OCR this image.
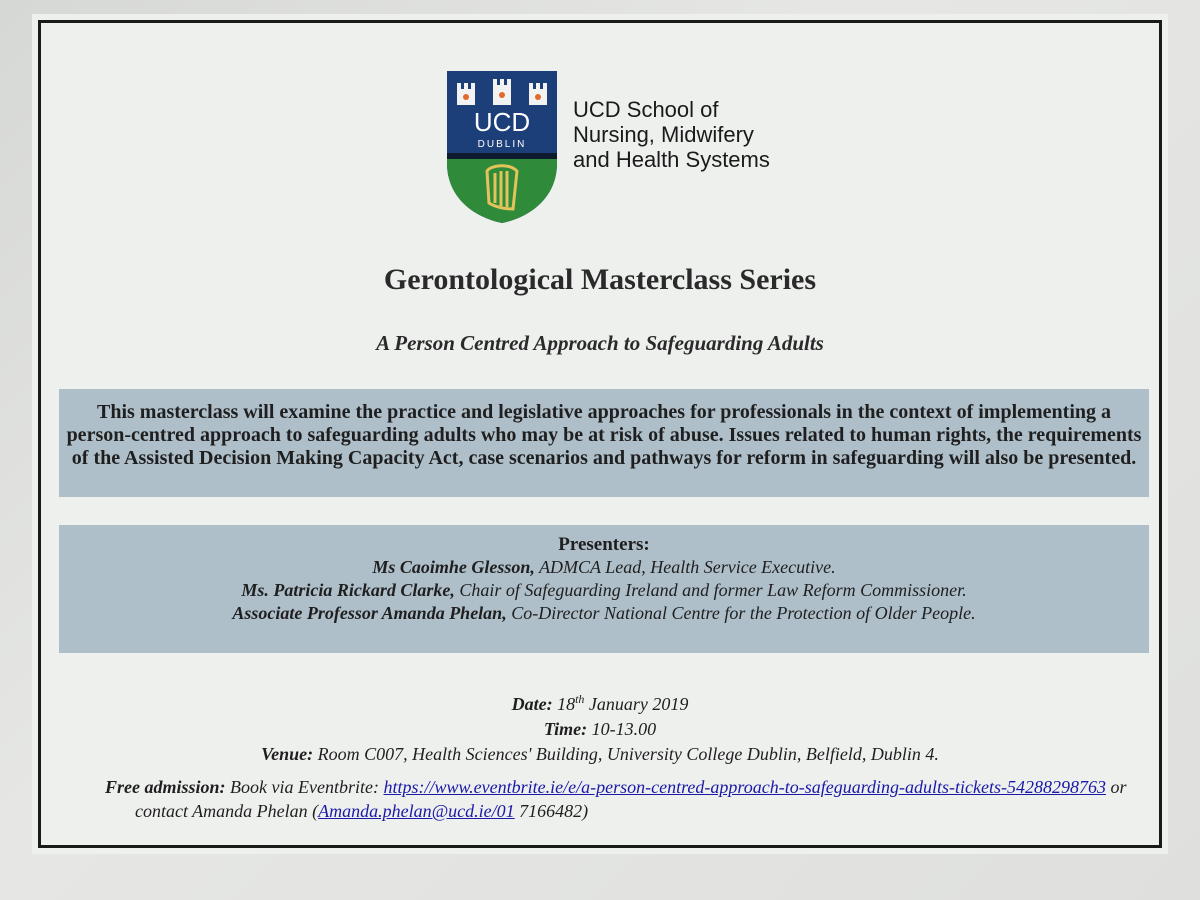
UCD
DUBLIN
UCD School of
Nursing, Midwifery
and Health Systems
Gerontological Masterclass Series
A Person Centred Approach to Safeguarding Adults
This masterclass will examine the practice and legislative approaches for professionals in the context of implementing a person-centred approach to safeguarding adults who may be at risk of abuse. Issues related to human rights, the requirements of the Assisted Decision Making Capacity Act, case scenarios and pathways for reform in safeguarding will also be presented.
Presenters:
Ms Caoimhe Glesson, ADMCA Lead, Health Service Executive.
Ms. Patricia Rickard Clarke, Chair of Safeguarding Ireland and former Law Reform Commissioner.
Associate Professor Amanda Phelan, Co-Director National Centre for the Protection of Older People.
Date: 18th January 2019
Time: 10-13.00
Venue: Room C007, Health Sciences' Building, University College Dublin, Belfield, Dublin 4.
Free admission: Book via Eventbrite: https://www.eventbrite.ie/e/a-person-centred-approach-to-safeguarding-adults-tickets-54288298763 or contact Amanda Phelan (Amanda.phelan@ucd.ie/01 7166482)
